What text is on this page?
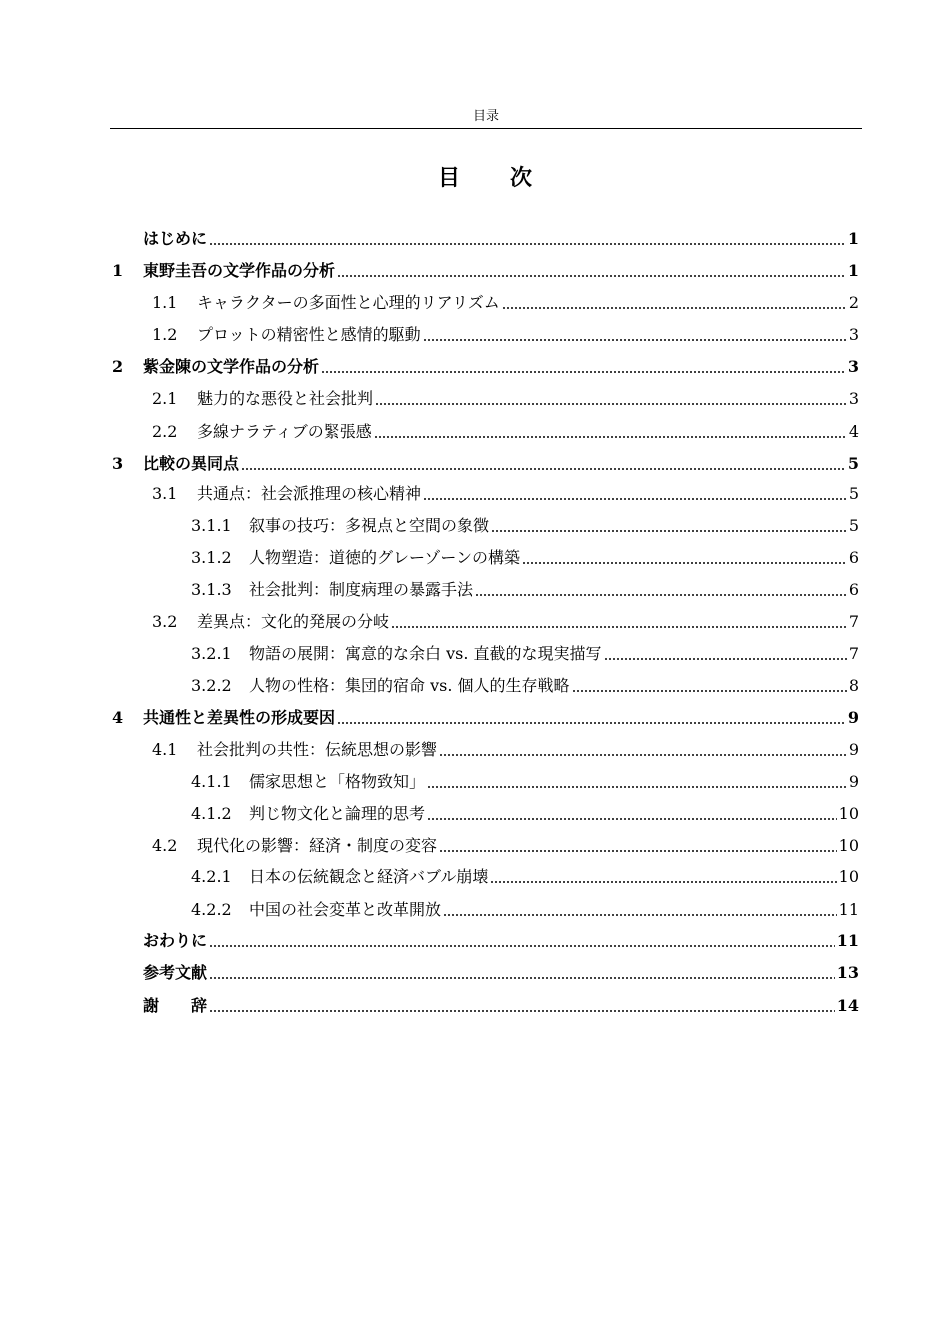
目录
目　　次
はじめに	1
1	東野圭吾の文学作品の分析	1
1.1	キャラクターの多面性と心理的リアリズム	2
1.2	プロットの精密性と感情的駆動	3
2	紫金陳の文学作品の分析	3
2.1	魅力的な悪役と社会批判	3
2.2	多線ナラティブの緊張感	4
3	比較の異同点	5
3.1	共通点：社会派推理の核心精神	5
3.1.1	叙事の技巧：多視点と空間の象徴	5
3.1.2	人物塑造：道徳的グレーゾーンの構築	6
3.1.3	社会批判：制度病理の暴露手法	6
3.2	差異点：文化的発展の分岐	7
3.2.1	物語の展開：寓意的な余白 vs. 直截的な現実描写	7
3.2.2	人物の性格：集団的宿命 vs. 個人的生存戦略	8
4	共通性と差異性の形成要因	9
4.1	社会批判の共性：伝統思想の影響	9
4.1.1	儒家思想と「格物致知」	9
4.1.2	判じ物文化と論理的思考	10
4.2	現代化の影響：経済・制度の変容	10
4.2.1	日本の伝統観念と経済バブル崩壊	10
4.2.2	中国の社会変革と改革開放	11
おわりに	11
参考文献	13
謝　　辞	14
